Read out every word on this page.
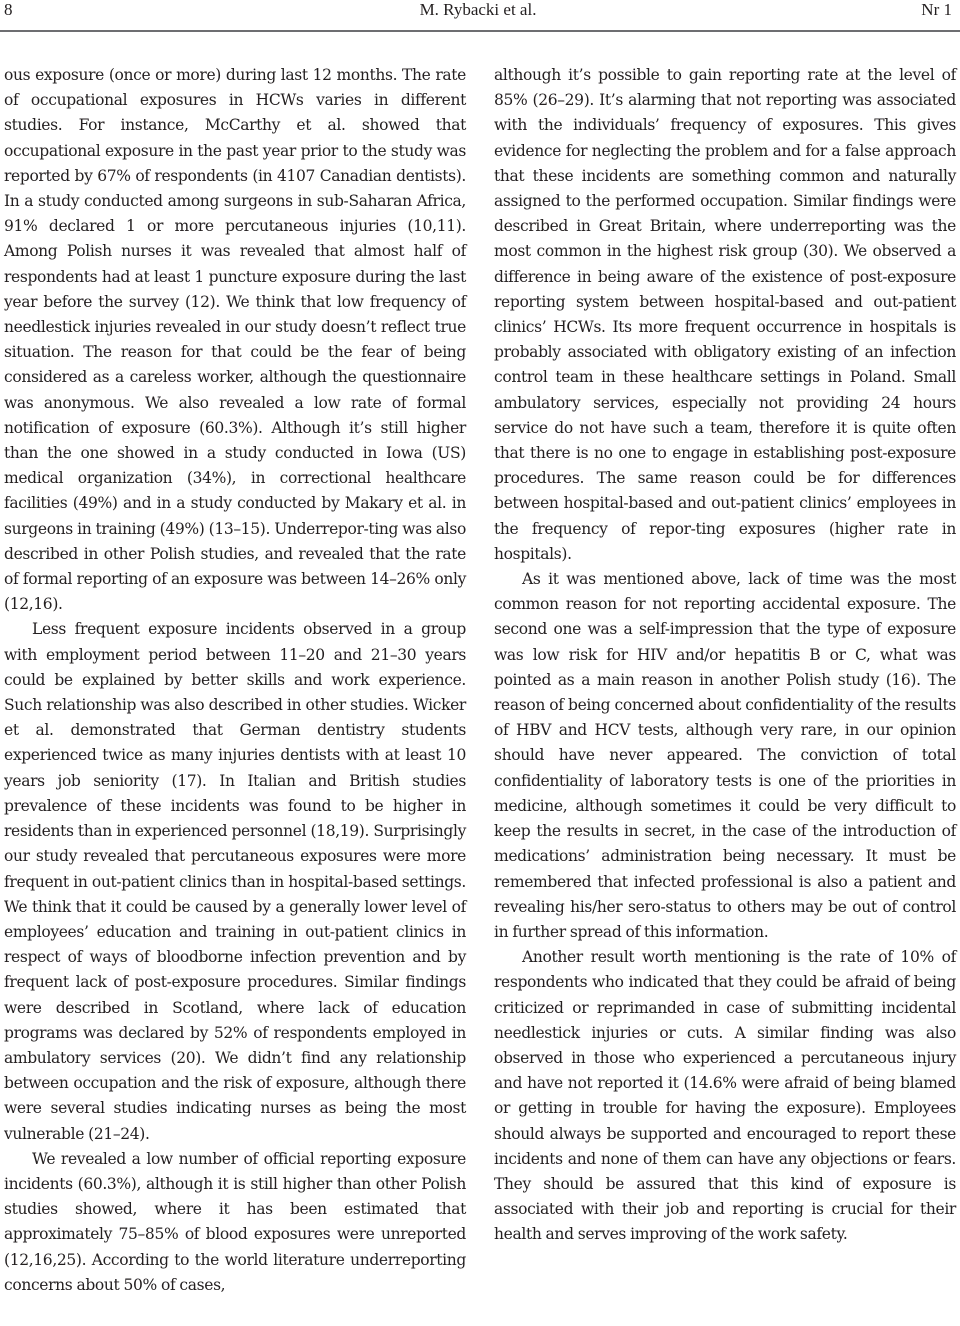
8	M. Rybacki et al.	Nr 1

ous exposure (once or more) during last 12 months. The rate of occupational exposures in HCWs varies in different studies. For instance, McCarthy et al. showed that occupational exposure in the past year prior to the study was reported by 67% of respondents (in 4107 Canadian dentists). In a study conducted among surgeons in sub-Saharan Africa, 91% declared 1 or more percutaneous injuries (10,11). Among Polish nurses it was revealed that almost half of respondents had at least 1 puncture exposure during the last year before the survey (12). We think that low frequency of needlestick injuries revealed in our study doesn’t reflect true situation. The reason for that could be the fear of being considered as a careless worker, although the questionnaire was anonymous. We also revealed a low rate of formal notification of exposure (60.3%). Although it’s still higher than the one showed in a study conducted in Iowa (US) medical organization (34%), in correctional healthcare facilities (49%) and in a study conducted by Makary et al. in surgeons in training (49%) (13–15). Underrepor-ting was also described in other Polish studies, and revealed that the rate of formal reporting of an exposure was between 14–26% only (12,16).

Less frequent exposure incidents observed in a group with employment period between 11–20 and 21–30 years could be explained by better skills and work experience. Such relationship was also described in other studies. Wicker et al. demonstrated that German dentistry students experienced twice as many injuries dentists with at least 10 years job seniority (17). In Italian and British studies prevalence of these incidents was found to be higher in residents than in experienced personnel (18,19). Surprisingly our study revealed that percutaneous exposures were more frequent in out-patient clinics than in hospital-based settings. We think that it could be caused by a generally lower level of employees’ education and training in out-patient clinics in respect of ways of bloodborne infection prevention and by frequent lack of post-exposure procedures. Similar findings were described in Scotland, where lack of education programs was declared by 52% of respondents employed in ambulatory services (20). We didn’t find any relationship between occupation and the risk of exposure, although there were several studies indicating nurses as being the most vulnerable (21–24).

We revealed a low number of official reporting exposure incidents (60.3%), although it is still higher than other Polish studies showed, where it has been estimated that approximately 75–85% of blood exposures were unreported (12,16,25). According to the world literature underreporting concerns about 50% of cases,

although it’s possible to gain reporting rate at the level of 85% (26–29). It’s alarming that not reporting was associated with the individuals’ frequency of exposures. This gives evidence for neglecting the problem and for a false approach that these incidents are something common and naturally assigned to the performed occupation. Similar findings were described in Great Britain, where underreporting was the most common in the highest risk group (30). We observed a difference in being aware of the existence of post-exposure reporting system between hospital-based and out-patient clinics’ HCWs. Its more frequent occurrence in hospitals is probably associated with obligatory existing of an infection control team in these healthcare settings in Poland. Small ambulatory services, especially not providing 24 hours service do not have such a team, therefore it is quite often that there is no one to engage in establishing post-exposure procedures. The same reason could be for differences between hospital-based and out-patient clinics’ employees in the frequency of repor-ting exposures (higher rate in hospitals).

As it was mentioned above, lack of time was the most common reason for not reporting accidental exposure. The second one was a self-impression that the type of exposure was low risk for HIV and/or hepatitis B or C, what was pointed as a main reason in another Polish study (16). The reason of being concerned about confidentiality of the results of HBV and HCV tests, although very rare, in our opinion should have never appeared. The conviction of total confidentiality of laboratory tests is one of the priorities in medicine, although sometimes it could be very difficult to keep the results in secret, in the case of the introduction of medications’ administration being necessary. It must be remembered that infected professional is also a patient and revealing his/her sero-status to others may be out of control in further spread of this information.

Another result worth mentioning is the rate of 10% of respondents who indicated that they could be afraid of being criticized or reprimanded in case of submitting incidental needlestick injuries or cuts. A similar finding was also observed in those who experienced a percutaneous injury and have not reported it (14.6% were afraid of being blamed or getting in trouble for having the exposure). Employees should always be supported and encouraged to report these incidents and none of them can have any objections or fears. They should be assured that this kind of exposure is associated with their job and reporting is crucial for their health and serves improving of the work safety.
